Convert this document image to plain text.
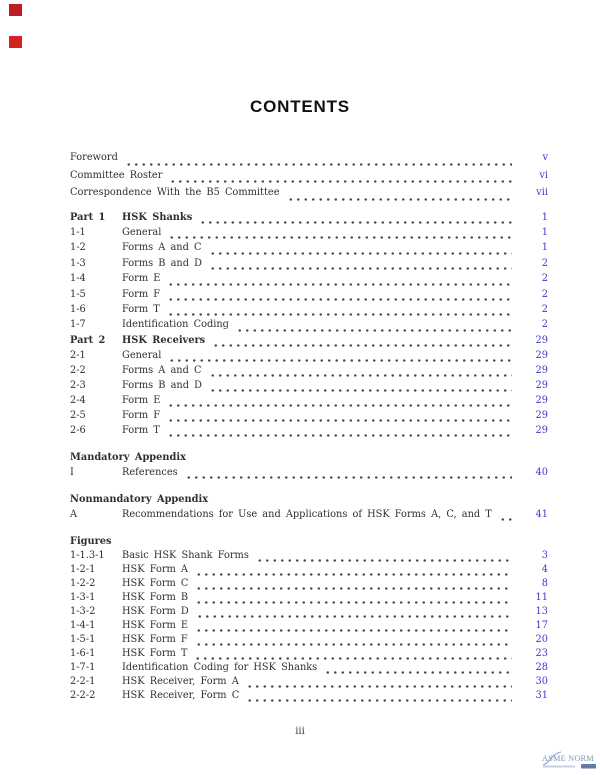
CONTENTS
Foreword	v
Committee Roster	vi
Correspondence With the B5 Committee	vii
Part 1	HSK Shanks	1
1-1	General	1
1-2	Forms A and C	1
1-3	Forms B and D	2
1-4	Form E	2
1-5	Form F	2
1-6	Form T	2
1-7	Identification Coding	2
Part 2	HSK Receivers	29
2-1	General	29
2-2	Forms A and C	29
2-3	Forms B and D	29
2-4	Form E	29
2-5	Form F	29
2-6	Form T	29
Mandatory Appendix
I	References	40
Nonmandatory Appendix
A	Recommendations for Use and Applications of HSK Forms A, C, and T	41
Figures
1-1.3-1	Basic HSK Shank Forms	3
1-2-1	HSK Form A	4
1-2-2	HSK Form C	8
1-3-1	HSK Form B	11
1-3-2	HSK Form D	13
1-4-1	HSK Form E	17
1-5-1	HSK Form F	20
1-6-1	HSK Form T	23
1-7-1	Identification Coding for HSK Shanks	28
2-2-1	HSK Receiver, Form A	30
2-2-2	HSK Receiver, Form C	31
iii
ASME NORM
